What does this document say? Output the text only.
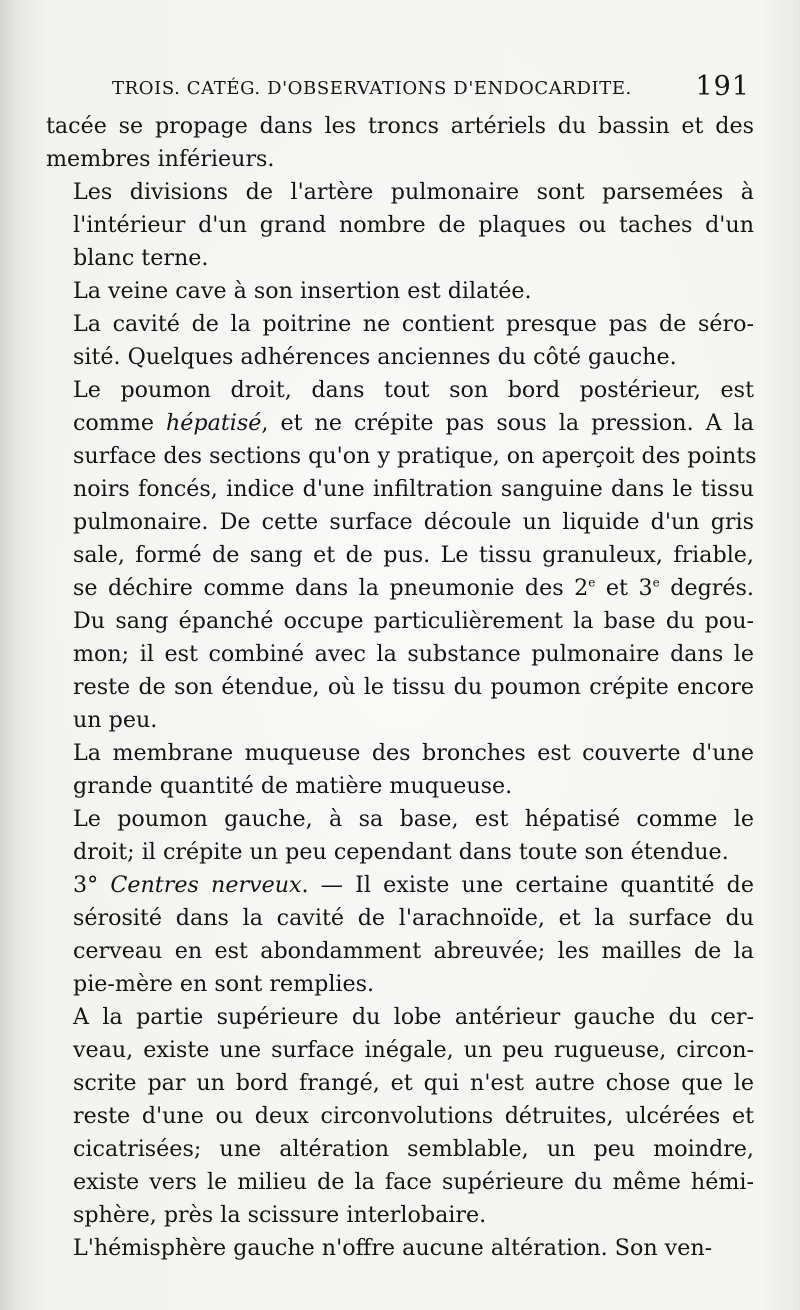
TROIS. CATÉG. D'OBSERVATIONS D'ENDOCARDITE. 191

tacée se propage dans les troncs artériels du bassin et des
membres inférieurs.

Les divisions de l'artère pulmonaire sont parsemées à
l'intérieur d'un grand nombre de plaques ou taches d'un
blanc terne.

La veine cave à son insertion est dilatée.

La cavité de la poitrine ne contient presque pas de séro-
sité. Quelques adhérences anciennes du côté gauche.

Le poumon droit, dans tout son bord postérieur, est
comme hépatisé, et ne crépite pas sous la pression. A la
surface des sections qu'on y pratique, on aperçoit des points
noirs foncés, indice d'une infiltration sanguine dans le tissu
pulmonaire. De cette surface découle un liquide d'un gris
sale, formé de sang et de pus. Le tissu granuleux, friable,
se déchire comme dans la pneumonie des 2e et 3e degrés.
Du sang épanché occupe particulièrement la base du pou-
mon; il est combiné avec la substance pulmonaire dans le
reste de son étendue, où le tissu du poumon crépite encore
un peu.

La membrane muqueuse des bronches est couverte d'une
grande quantité de matière muqueuse.

Le poumon gauche, à sa base, est hépatisé comme le
droit; il crépite un peu cependant dans toute son étendue.

3° Centres nerveux. — Il existe une certaine quantité de
sérosité dans la cavité de l'arachnoïde, et la surface du
cerveau en est abondamment abreuvée; les mailles de la
pie-mère en sont remplies.

A la partie supérieure du lobe antérieur gauche du cer-
veau, existe une surface inégale, un peu rugueuse, circon-
scrite par un bord frangé, et qui n'est autre chose que le
reste d'une ou deux circonvolutions détruites, ulcérées et
cicatrisées; une altération semblable, un peu moindre,
existe vers le milieu de la face supérieure du même hémi-
sphère, près la scissure interlobaire.

L'hémisphère gauche n'offre aucune altération. Son ven-
